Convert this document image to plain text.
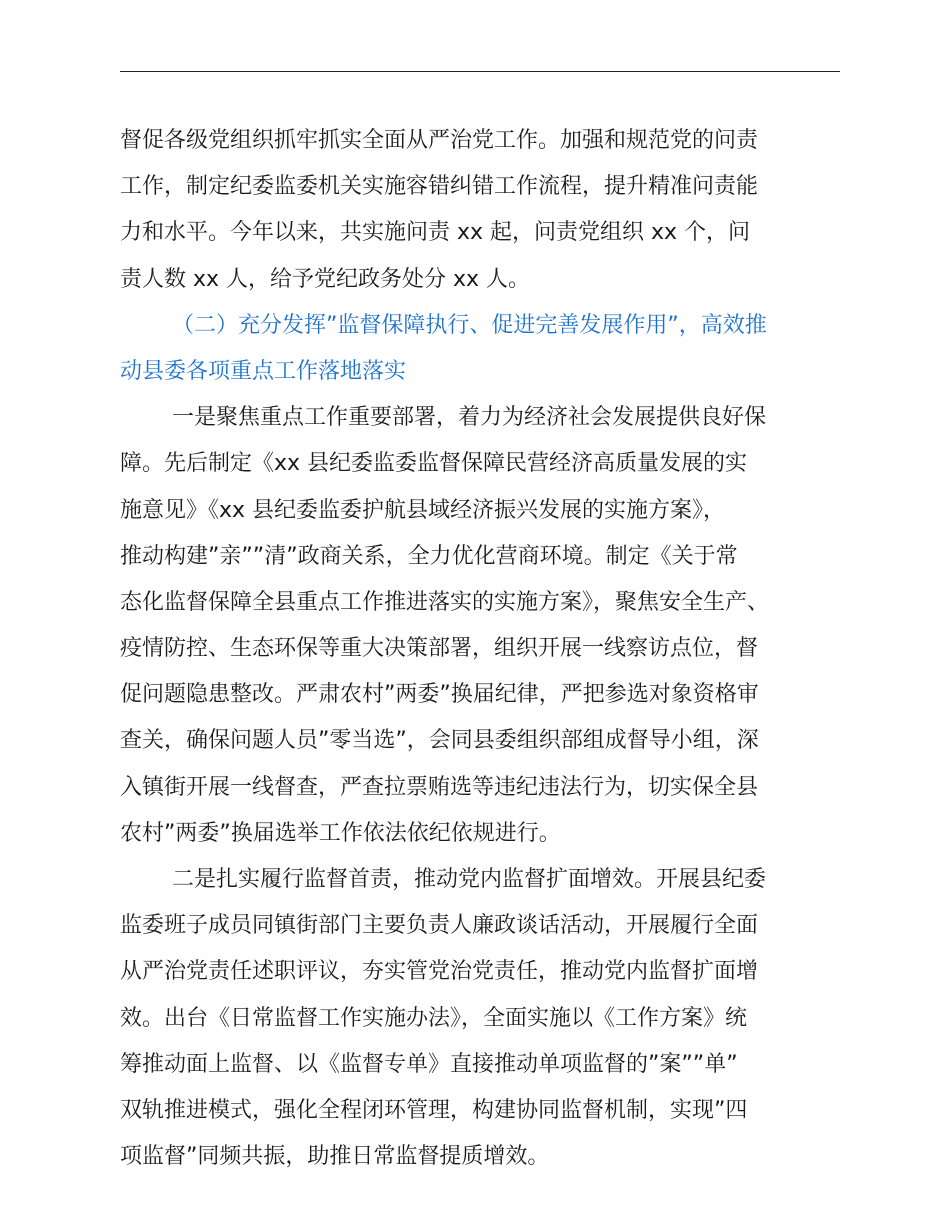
督促各级党组织抓牢抓实全面从严治党工作。加强和规范党的问责
工作，制定纪委监委机关实施容错纠错工作流程，提升精准问责能
力和水平。今年以来，共实施问责 xx 起，问责党组织 xx 个，问
责人数 xx 人，给予党纪政务处分 xx 人。
（二）充分发挥”监督保障执行、促进完善发展作用”，高效推
动县委各项重点工作落地落实
一是聚焦重点工作重要部署，着力为经济社会发展提供良好保
障。先后制定《xx 县纪委监委监督保障民营经济高质量发展的实
施意见》《xx 县纪委监委护航县域经济振兴发展的实施方案》，
推动构建”亲””清”政商关系，全力优化营商环境。制定《关于常
态化监督保障全县重点工作推进落实的实施方案》，聚焦安全生产、
疫情防控、生态环保等重大决策部署，组织开展一线察访点位，督
促问题隐患整改。严肃农村”两委”换届纪律，严把参选对象资格审
查关，确保问题人员”零当选”，会同县委组织部组成督导小组，深
入镇街开展一线督查，严查拉票贿选等违纪违法行为，切实保全县
农村”两委”换届选举工作依法依纪依规进行。
二是扎实履行监督首责，推动党内监督扩面增效。开展县纪委
监委班子成员同镇街部门主要负责人廉政谈话活动，开展履行全面
从严治党责任述职评议，夯实管党治党责任，推动党内监督扩面增
效。出台《日常监督工作实施办法》，全面实施以《工作方案》统
筹推动面上监督、以《监督专单》直接推动单项监督的”案””单”
双轨推进模式，强化全程闭环管理，构建协同监督机制，实现”四
项监督”同频共振，助推日常监督提质增效。
